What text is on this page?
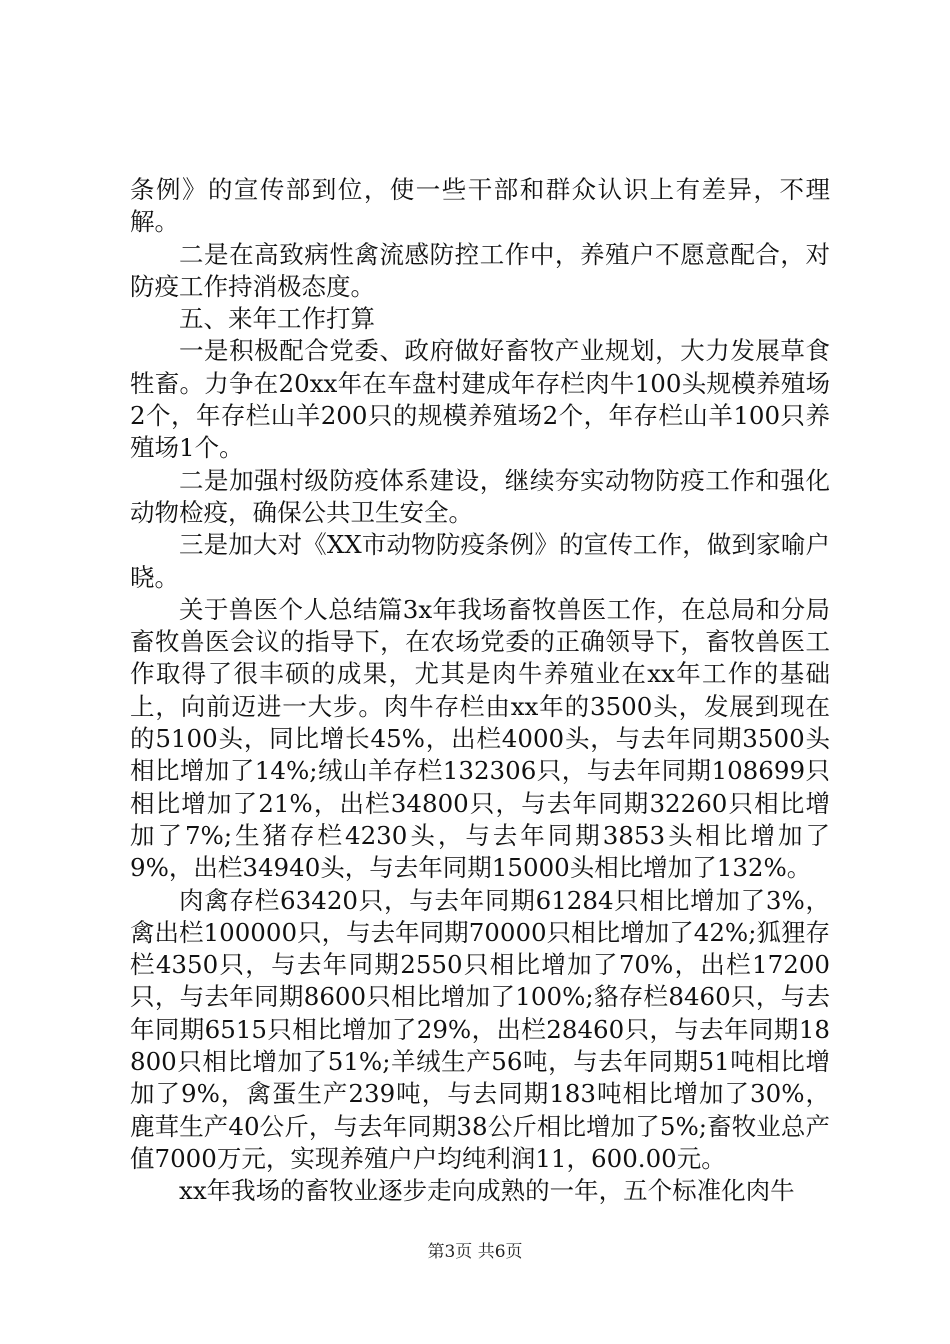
条例》的宣传部到位，使一些干部和群众认识上有差异，不理解。

二是在高致病性禽流感防控工作中，养殖户不愿意配合，对防疫工作持消极态度。

五、来年工作打算

一是积极配合党委、政府做好畜牧产业规划，大力发展草食牲畜。力争在20xx年在车盘村建成年存栏肉牛100头规模养殖场2个，年存栏山羊200只的规模养殖场2个，年存栏山羊100只养殖场1个。

二是加强村级防疫体系建设，继续夯实动物防疫工作和强化动物检疫，确保公共卫生安全。

三是加大对《XX市动物防疫条例》的宣传工作，做到家喻户晓。

关于兽医个人总结篇3x年我场畜牧兽医工作，在总局和分局畜牧兽医会议的指导下，在农场党委的正确领导下，畜牧兽医工作取得了很丰硕的成果，尤其是肉牛养殖业在xx年工作的基础上，向前迈进一大步。肉牛存栏由xx年的3500头，发展到现在的5100头，同比增长45%，出栏4000头，与去年同期3500头相比增加了14%;绒山羊存栏132306只，与去年同期108699只相比增加了21%，出栏34800只，与去年同期32260只相比增加了7%;生猪存栏4230头，与去年同期3853头相比增加了9%，出栏34940头，与去年同期15000头相比增加了132%。

肉禽存栏63420只，与去年同期61284只相比增加了3%，禽出栏100000只，与去年同期70000只相比增加了42%;狐狸存栏4350只，与去年同期2550只相比增加了70%，出栏17200只，与去年同期8600只相比增加了100%;貉存栏8460只，与去年同期6515只相比增加了29%，出栏28460只，与去年同期18800只相比增加了51%;羊绒生产56吨，与去年同期51吨相比增加了9%，禽蛋生产239吨，与去同期183吨相比增加了30%，鹿茸生产40公斤，与去年同期38公斤相比增加了5%;畜牧业总产值7000万元，实现养殖户户均纯利润11，600.00元。

xx年我场的畜牧业逐步走向成熟的一年，五个标准化肉牛

第3页 共6页
